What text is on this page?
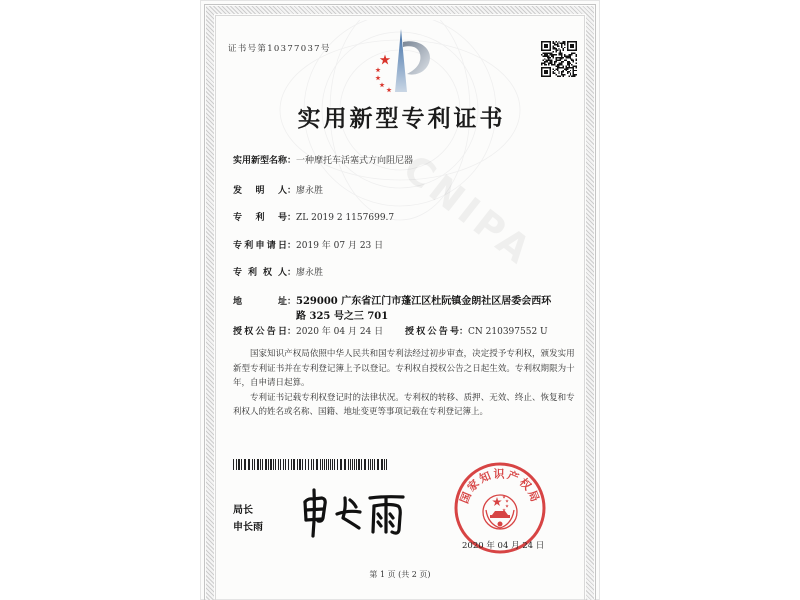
CNIPA
证书号第10377037号
实用新型专利证书
实用新型名称：一种摩托车活塞式方向阻尼器
发明人：廖永胜
专利号：ZL 2019 2 1157699.7
专利申请日：2019 年 07 月 23 日
专利权人：廖永胜
地址：529000 广东省江门市蓬江区杜阮镇金朗社区居委会西环
路 325 号之三 701
授权公告日：2020 年 04 月 24 日 授权公告号：CN 210397552 U

国家知识产权局依照中华人民共和国专利法经过初步审查，决定授予专利权，颁发实用新型专利证书并在专利登记簿上予以登记。专利权自授权公告之日起生效。专利权期限为十年，自申请日起算。

专利证书记载专利权登记时的法律状况。专利权的转移、质押、无效、终止、恢复和专利权人的姓名或名称、国籍、地址变更等事项记载在专利登记簿上。

局长
申长雨
国家知识产权局
2020 年 04 月 24 日
第 1 页 (共 2 页)
